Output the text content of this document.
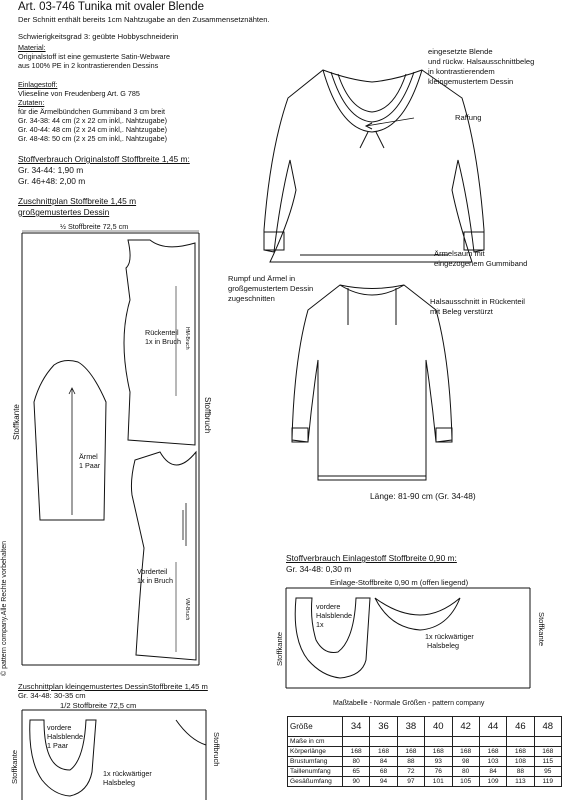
Art. 03-746 Tunika mit ovaler Blende
Der Schnitt enthält bereits 1cm Nahtzugabe an den Zusammensetznähten.
Schwierigkeitsgrad 3: geübte Hobbyschneiderin
Material:
Originalstoff ist eine gemusterte Satin-Webware
aus 100% PE in 2 kontrastierenden Dessins
Einlagestoff:
Vlieseline von Freudenberg Art. G 785
Zutaten:
für die Ärmelbündchen Gummiband 3 cm breit
Gr. 34-38: 44 cm (2 x 22 cm inkl,. Nahtzugabe)
Gr. 40-44: 48 cm (2 x 24 cm inkl,. Nahtzugabe)
Gr. 48-48: 50 cm (2 x 25 cm inkl,. Nahtzugabe)
Stoffverbrauch Originalstoff Stoffbreite 1,45 m:
Gr. 34-44: 1,90 m
Gr. 46+48: 2,00 m
Zuschnittplan Stoffbreite 1,45 m
großgemustertes Dessin
½ Stoffbreite 72,5 cm
Stoffkante	Stoffbruch
Ärmel
1 Paar
Rückenteil
1x in Bruch HM-Bruch
Vorderteil
1x in Bruch
VM-Bruch
© pattern company.Alle Rechte vorbehalten
eingesetzte Blende
und rückw. Halsausschnittbeleg
in kontrastierendem
kleingemustertem Dessin
Raffung
Ärmelsaum mit
eingezogenem Gummiband
Rumpf und Ärmel in
großgemustertem Dessin
zugeschnitten	Halsausschnitt in Rückenteil
mit Beleg verstürzt
Länge: 81-90 cm (Gr. 34-48)
Stoffverbrauch Einlagestoff Stoffbreite 0,90 m:
Gr. 34-48: 0,30 m
Einlage-Stoffbreite 0,90 m (offen liegend)
Stoffkante
Stoffkante
vordere
Halsblende
1x
1x rückwärtiger
Halsbeleg
Zuschnittplan kleingemustertes DessinStoffbreite 1,45 m
Gr. 34-48: 30-35 cm
1/2 Stoffbreite 72,5 cm
Stoffkante
Stoffbruch
vordere
Halsblende
1 Paar
1x rückwärtiger
Halsbeleg
Maßtabelle - Normale Größen - pattern company
Größe	34	36	38	40	42	44	46	48
Maße in cm								
Körperlänge	168	168	168	168	168	168	168	168
Brustumfang	80	84	88	93	98	103	108	115
Taillenumfang	65	68	72	76	80	84	88	95
Gesäßumfang	90	94	97	101	105	109	113	119
